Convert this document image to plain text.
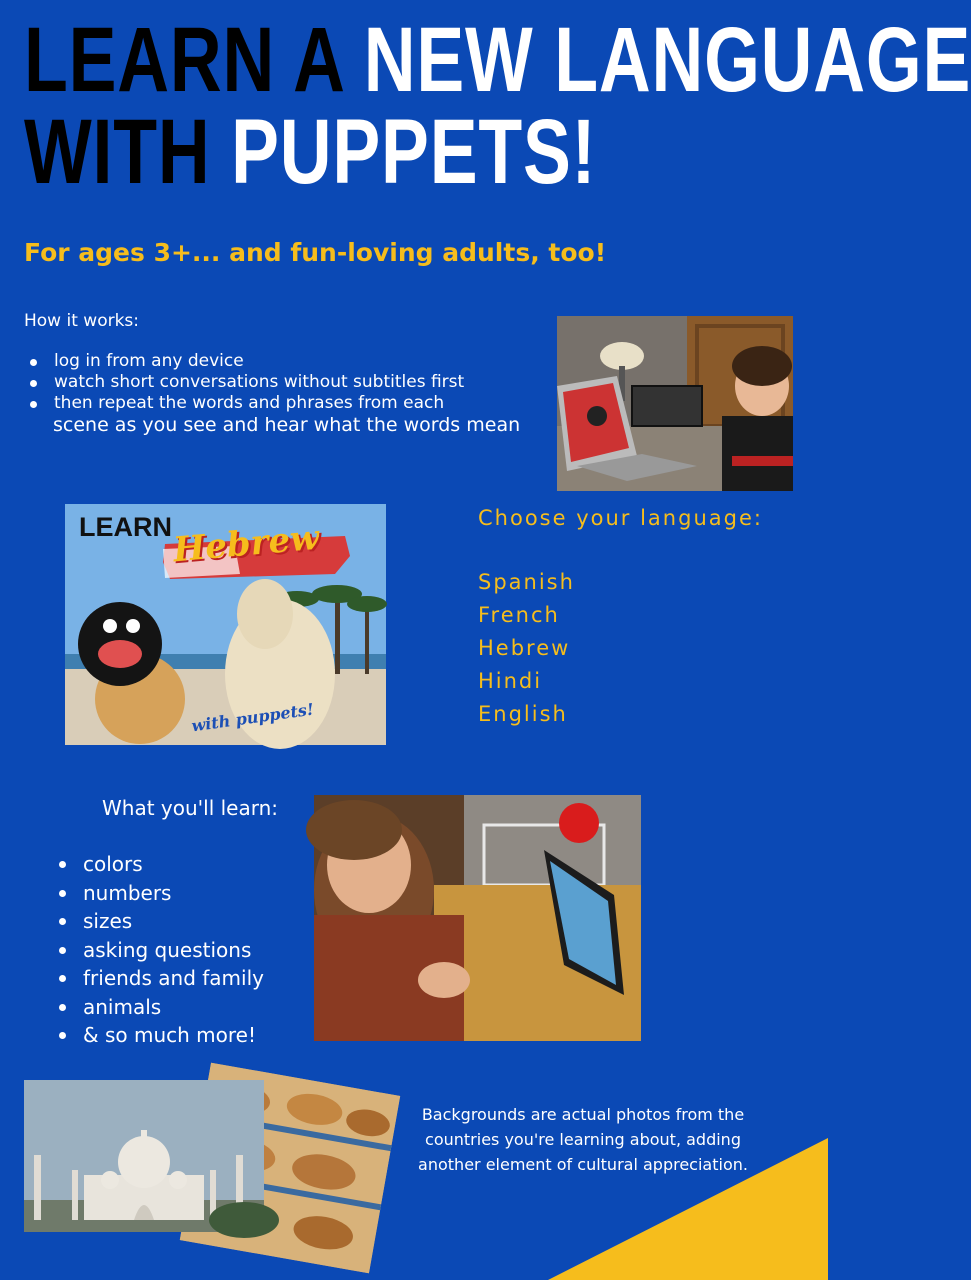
LEARN A NEW LANGUAGE
WITH PUPPETS!
For ages 3+... and fun-loving adults, too!
How it works:
log in from any device
watch short conversations without subtitles first
then repeat the words and phrases from each
scene as you see and hear what the words mean
LEARN Hebrew
with puppets!
Choose your language:
Spanish
French
Hebrew
Hindi
English
What you'll learn:
colors
numbers
sizes
asking questions
friends and family
animals
& so much more!
Backgrounds are actual photos from the countries you're learning about, adding another element of cultural appreciation.
